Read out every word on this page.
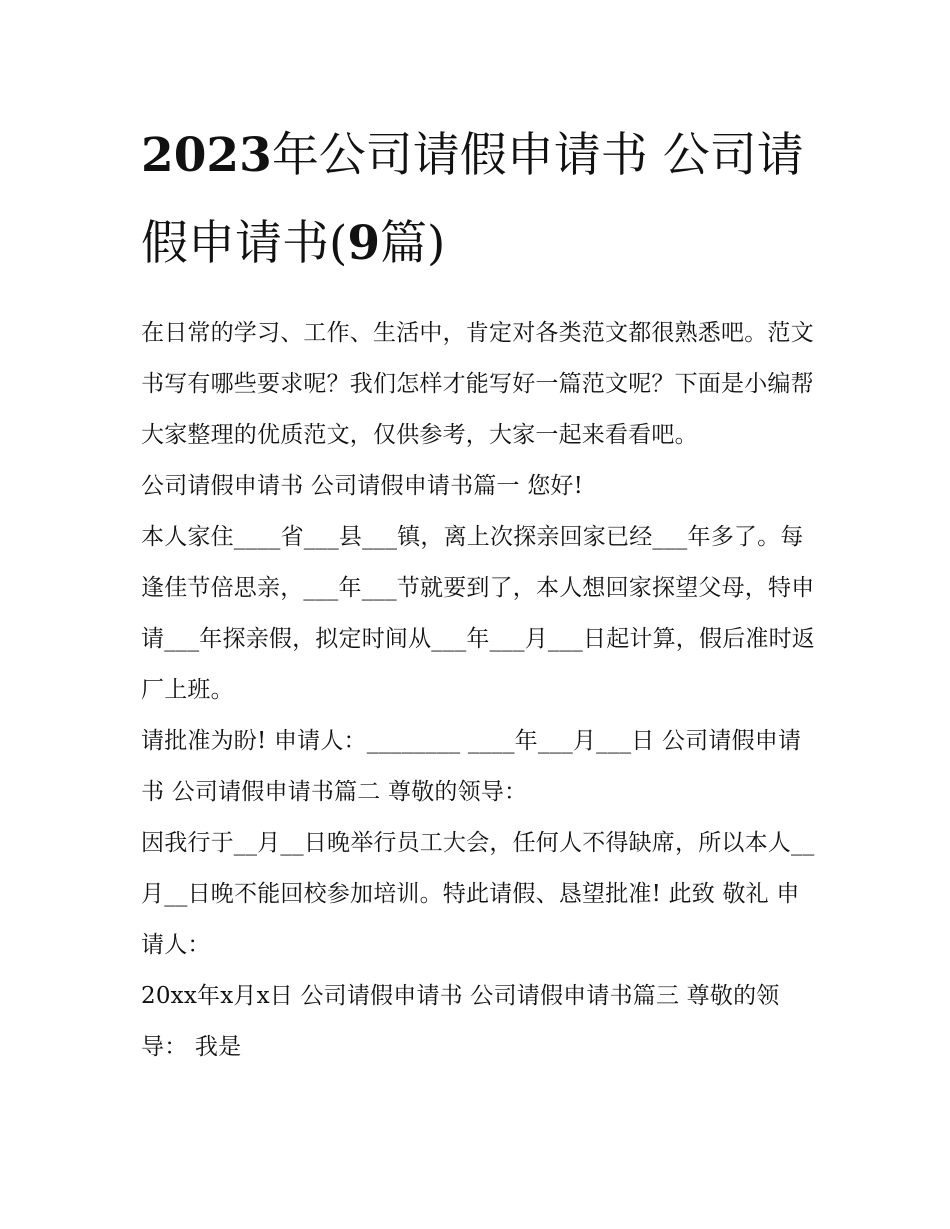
2023年公司请假申请书 公司请假申请书(9篇)

在日常的学习、工作、生活中，肯定对各类范文都很熟悉吧。范文书写有哪些要求呢？我们怎样才能写好一篇范文呢？下面是小编帮大家整理的优质范文，仅供参考，大家一起来看看吧。

公司请假申请书 公司请假申请书篇一 您好!

本人家住____省___县___镇，离上次探亲回家已经___年多了。每逢佳节倍思亲，___年___节就要到了，本人想回家探望父母，特申请___年探亲假，拟定时间从___年___月___日起计算，假后准时返厂上班。

请批准为盼! 申请人：________ ____年___月___日 公司请假申请书 公司请假申请书篇二 尊敬的领导：

因我行于__月__日晚举行员工大会，任何人不得缺席，所以本人__月__日晚不能回校参加培训。特此请假、恳望批准! 此致 敬礼 申请人：

20xx年x月x日 公司请假申请书 公司请假申请书篇三 尊敬的领导： 我是
